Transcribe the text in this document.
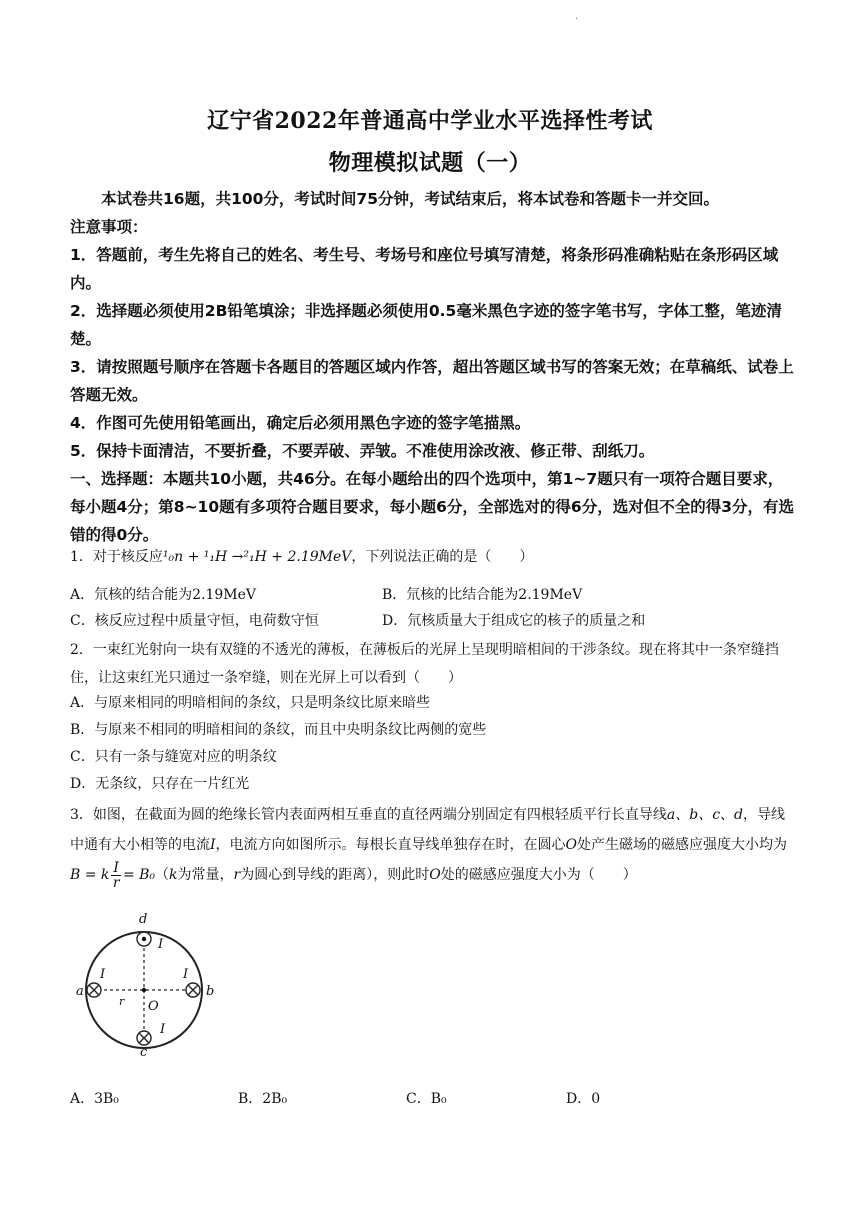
·
辽宁省2022年普通高中学业水平选择性考试
物理模拟试题（一）
本试卷共16题，共100分，考试时间75分钟，考试结束后，将本试卷和答题卡一并交回。
注意事项：
1．答题前，考生先将自己的姓名、考生号、考场号和座位号填写清楚，将条形码准确粘贴在条形码区域内。
2．选择题必须使用2B铅笔填涂；非选择题必须使用0.5毫米黑色字迹的签字笔书写，字体工整，笔迹清楚。
3．请按照题号顺序在答题卡各题目的答题区域内作答，超出答题区域书写的答案无效；在草稿纸、试卷上答题无效。
4．作图可先使用铅笔画出，确定后必须用黑色字迹的签字笔描黑。
5．保持卡面清洁，不要折叠，不要弄破、弄皱。不准使用涂改液、修正带、刮纸刀。
一、选择题：本题共10小题，共46分。在每小题给出的四个选项中，第1~7题只有一项符合题目要求，每小题4分；第8~10题有多项符合题目要求，每小题6分，全部选对的得6分，选对但不全的得3分，有选错的得0分。
1．对于核反应¹₀n + ¹₁H →²₁H + 2.19MeV，下列说法正确的是（　　）
A．氘核的结合能为2.19MeV	B．氘核的比结合能为2.19MeV
C．核反应过程中质量守恒，电荷数守恒	D．氘核质量大于组成它的核子的质量之和
2．一束红光射向一块有双缝的不透光的薄板，在薄板后的光屏上呈现明暗相间的干涉条纹。现在将其中一条窄缝挡住，让这束红光只通过一条窄缝，则在光屏上可以看到（　　）
A．与原来相同的明暗相间的条纹，只是明条纹比原来暗些
B．与原来不相同的明暗相间的条纹，而且中央明条纹比两侧的宽些
C．只有一条与缝宽对应的明条纹
D．无条纹，只存在一片红光
3．如图，在截面为圆的绝缘长管内表面两相互垂直的直径两端分别固定有四根轻质平行长直导线a、b、c、d，导线中通有大小相等的电流I，电流方向如图所示。每根长直导线单独存在时，在圆心O处产生磁场的磁感应强度大小均为B = k $\frac{I}{r} = B_0(k$为常量，r为圆心到导线的距离），则此时O处的磁感应强度大小为（　　）
d
a	b
c
O
r
I
I	I
I
A．3B₀	B．2B₀	C．B₀	D．0
